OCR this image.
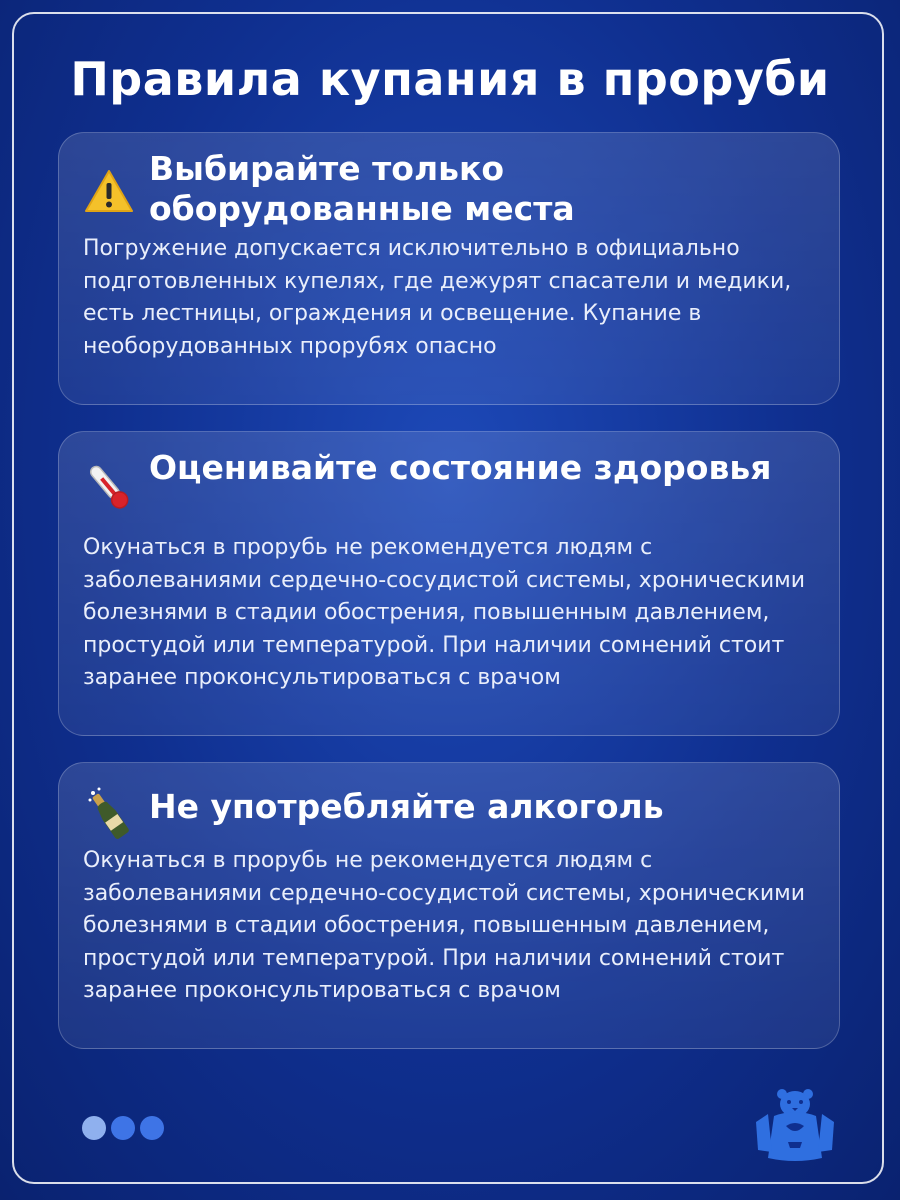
Правила купания в проруби
Выбирайте только оборудованные места
Погружение допускается исключительно в официально подготовленных купелях, где дежурят спасатели и медики, есть лестницы, ограждения и освещение. Купание в необорудованных прорубях опасно
Оценивайте состояние здоровья
Окунаться в прорубь не рекомендуется людям с заболеваниями сердечно-сосудистой системы, хроническими болезнями в стадии обострения, повышенным давлением, простудой или температурой. При наличии сомнений стоит заранее проконсультироваться с врачом
Не употребляйте алкоголь
Окунаться в прорубь не рекомендуется людям с заболеваниями сердечно-сосудистой системы, хроническими болезнями в стадии обострения, повышенным давлением, простудой или температурой. При наличии сомнений стоит заранее проконсультироваться с врачом
